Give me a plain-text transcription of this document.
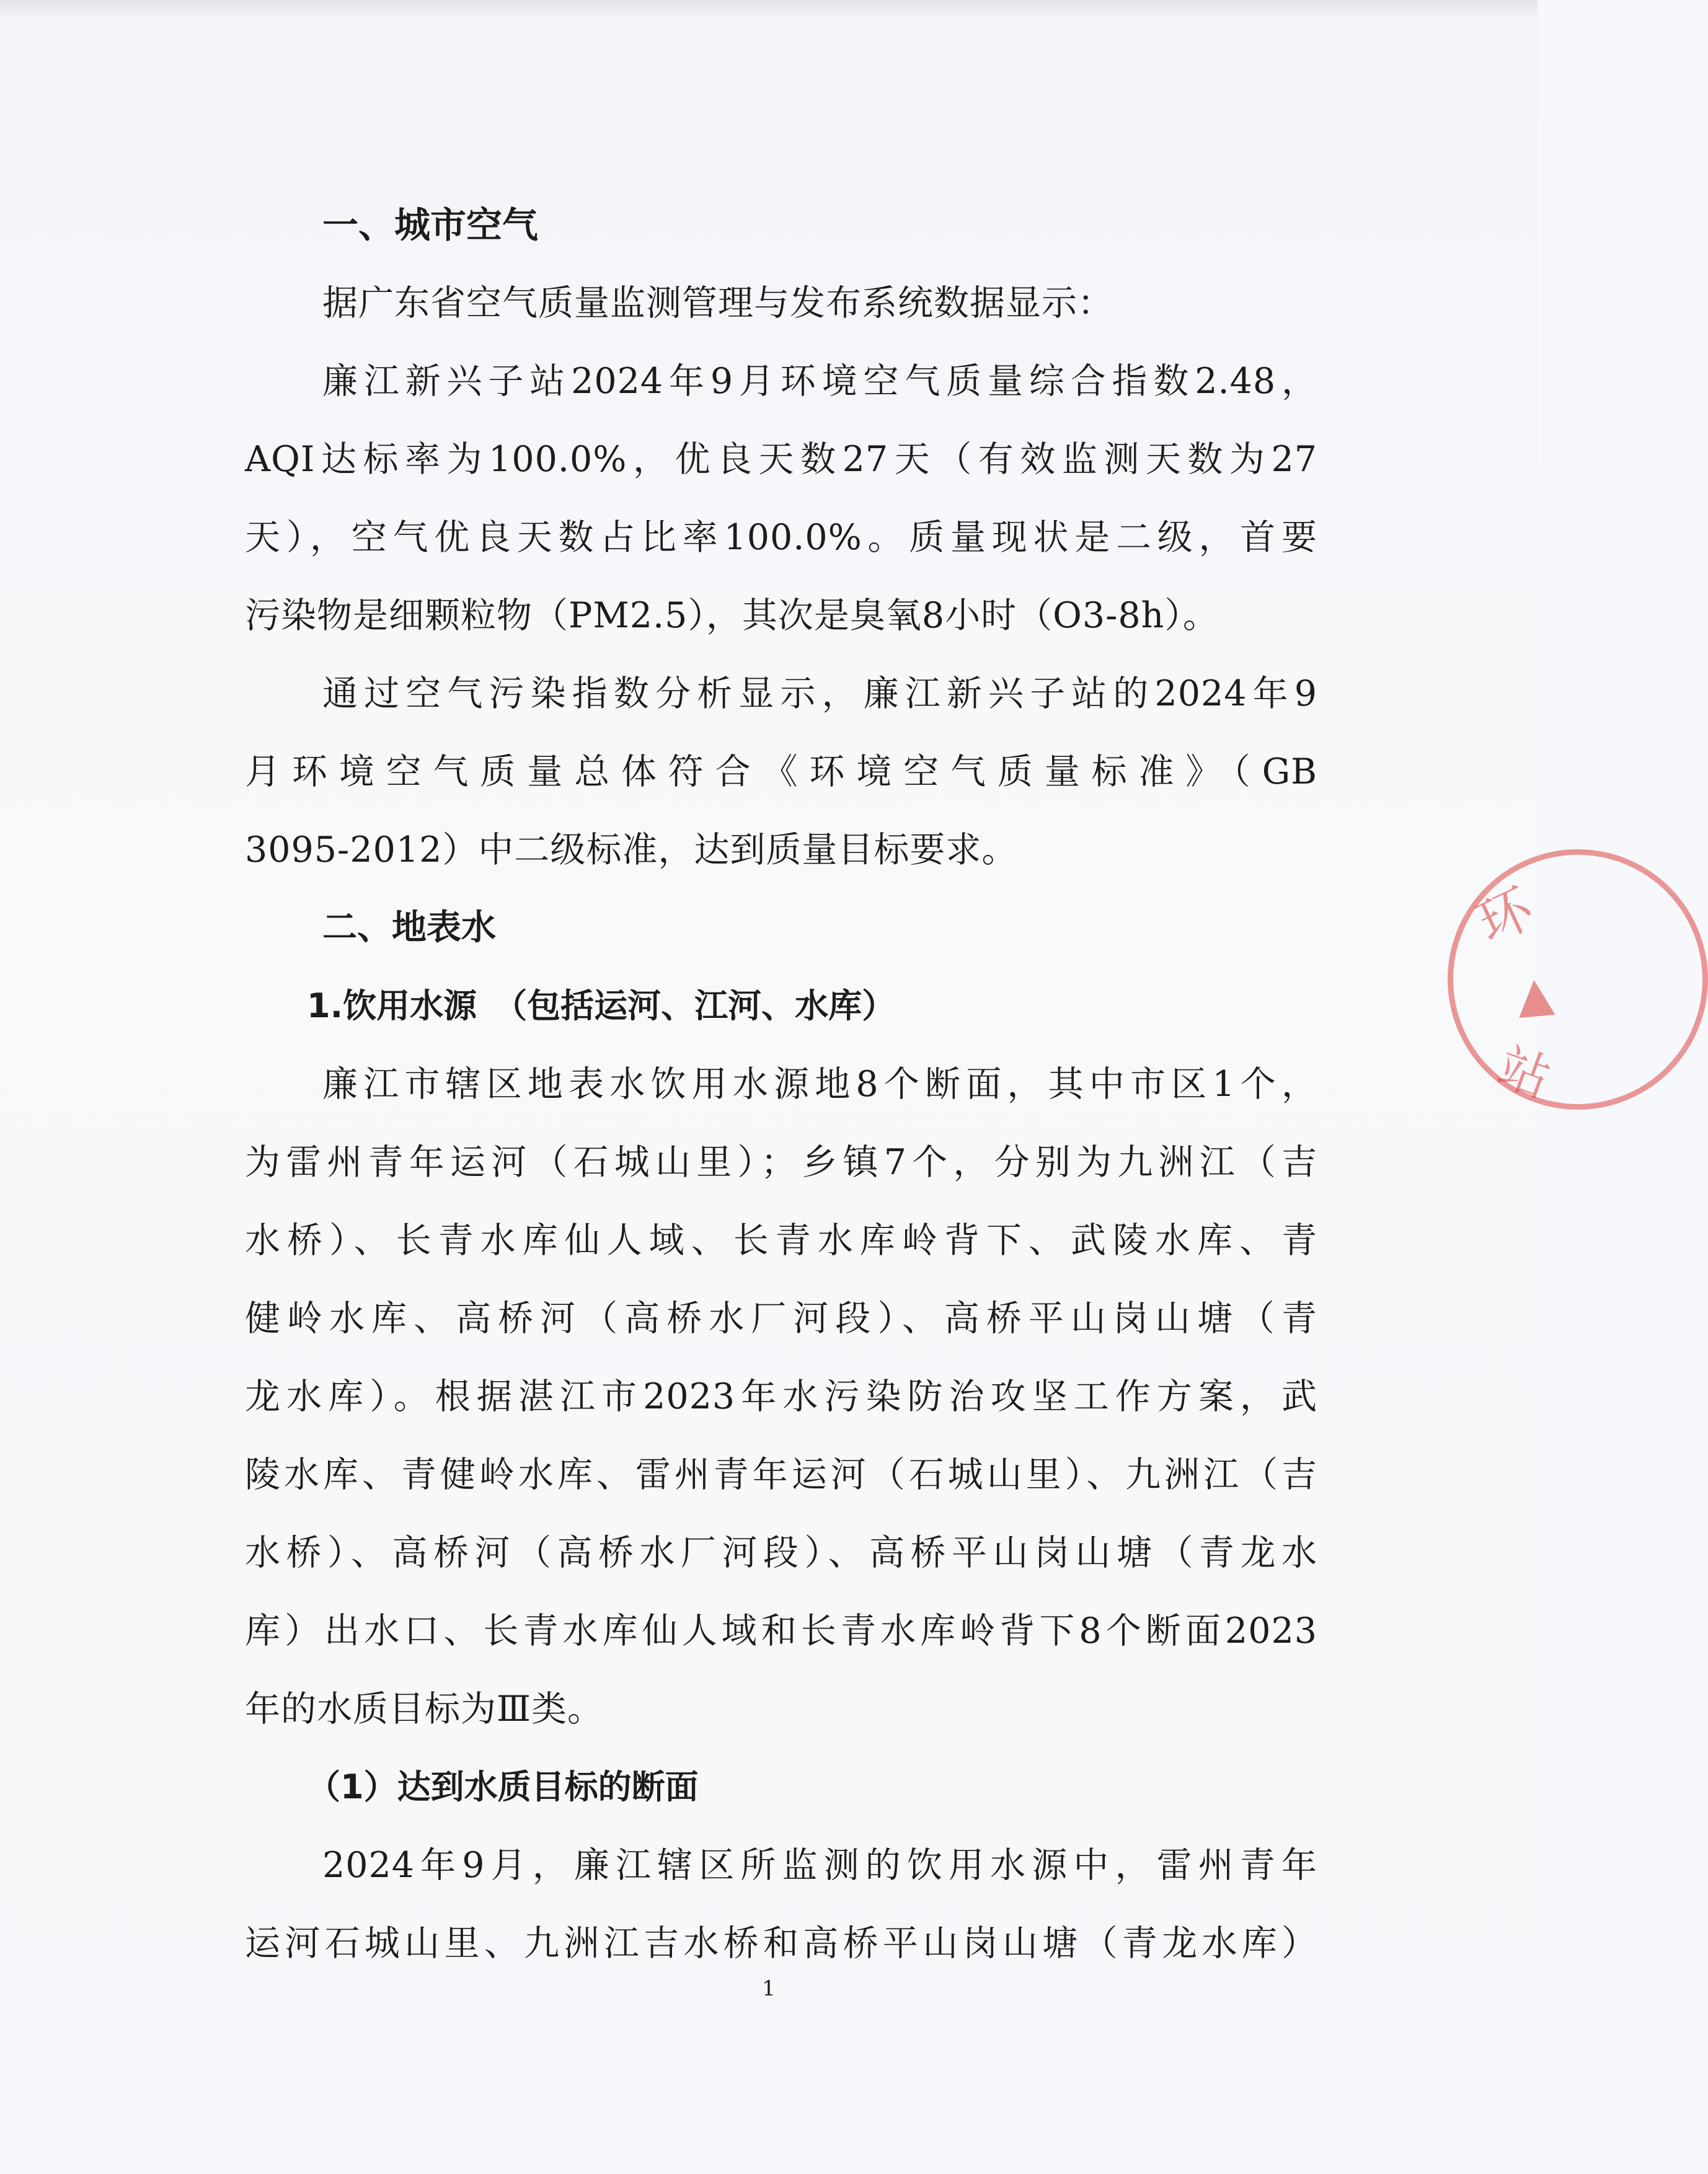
一、城市空气
据广东省空气质量监测管理与发布系统数据显示：
廉江新兴子站2024年9月环境空气质量综合指数2.48，
AQI达标率为100.0%，优良天数27天（有效监测天数为27
天），空气优良天数占比率100.0%。质量现状是二级，首要
污染物是细颗粒物（PM2.5），其次是臭氧8小时（O3-8h）。
通过空气污染指数分析显示，廉江新兴子站的2024年9
月环境空气质量总体符合《环境空气质量标准》（GB
3095-2012）中二级标准，达到质量目标要求。
二、地表水
1.饮用水源　（包括运河、江河、水库）
廉江市辖区地表水饮用水源地8个断面，其中市区1个，
为雷州青年运河（石城山里）；乡镇7个，分别为九洲江（吉
水桥）、长青水库仙人域、长青水库岭背下、武陵水库、青
健岭水库、高桥河（高桥水厂河段）、高桥平山岗山塘（青
龙水库）。根据湛江市2023年水污染防治攻坚工作方案，武
陵水库、青健岭水库、雷州青年运河（石城山里）、九洲江（吉
水桥）、高桥河（高桥水厂河段）、高桥平山岗山塘（青龙水
库）出水口、长青水库仙人域和长青水库岭背下8个断面2023
年的水质目标为Ⅲ类。
（1）达到水质目标的断面
2024年9月，廉江辖区所监测的饮用水源中，雷州青年
运河石城山里、九洲江吉水桥和高桥平山岗山塘（青龙水库）
环
▲
站
1
